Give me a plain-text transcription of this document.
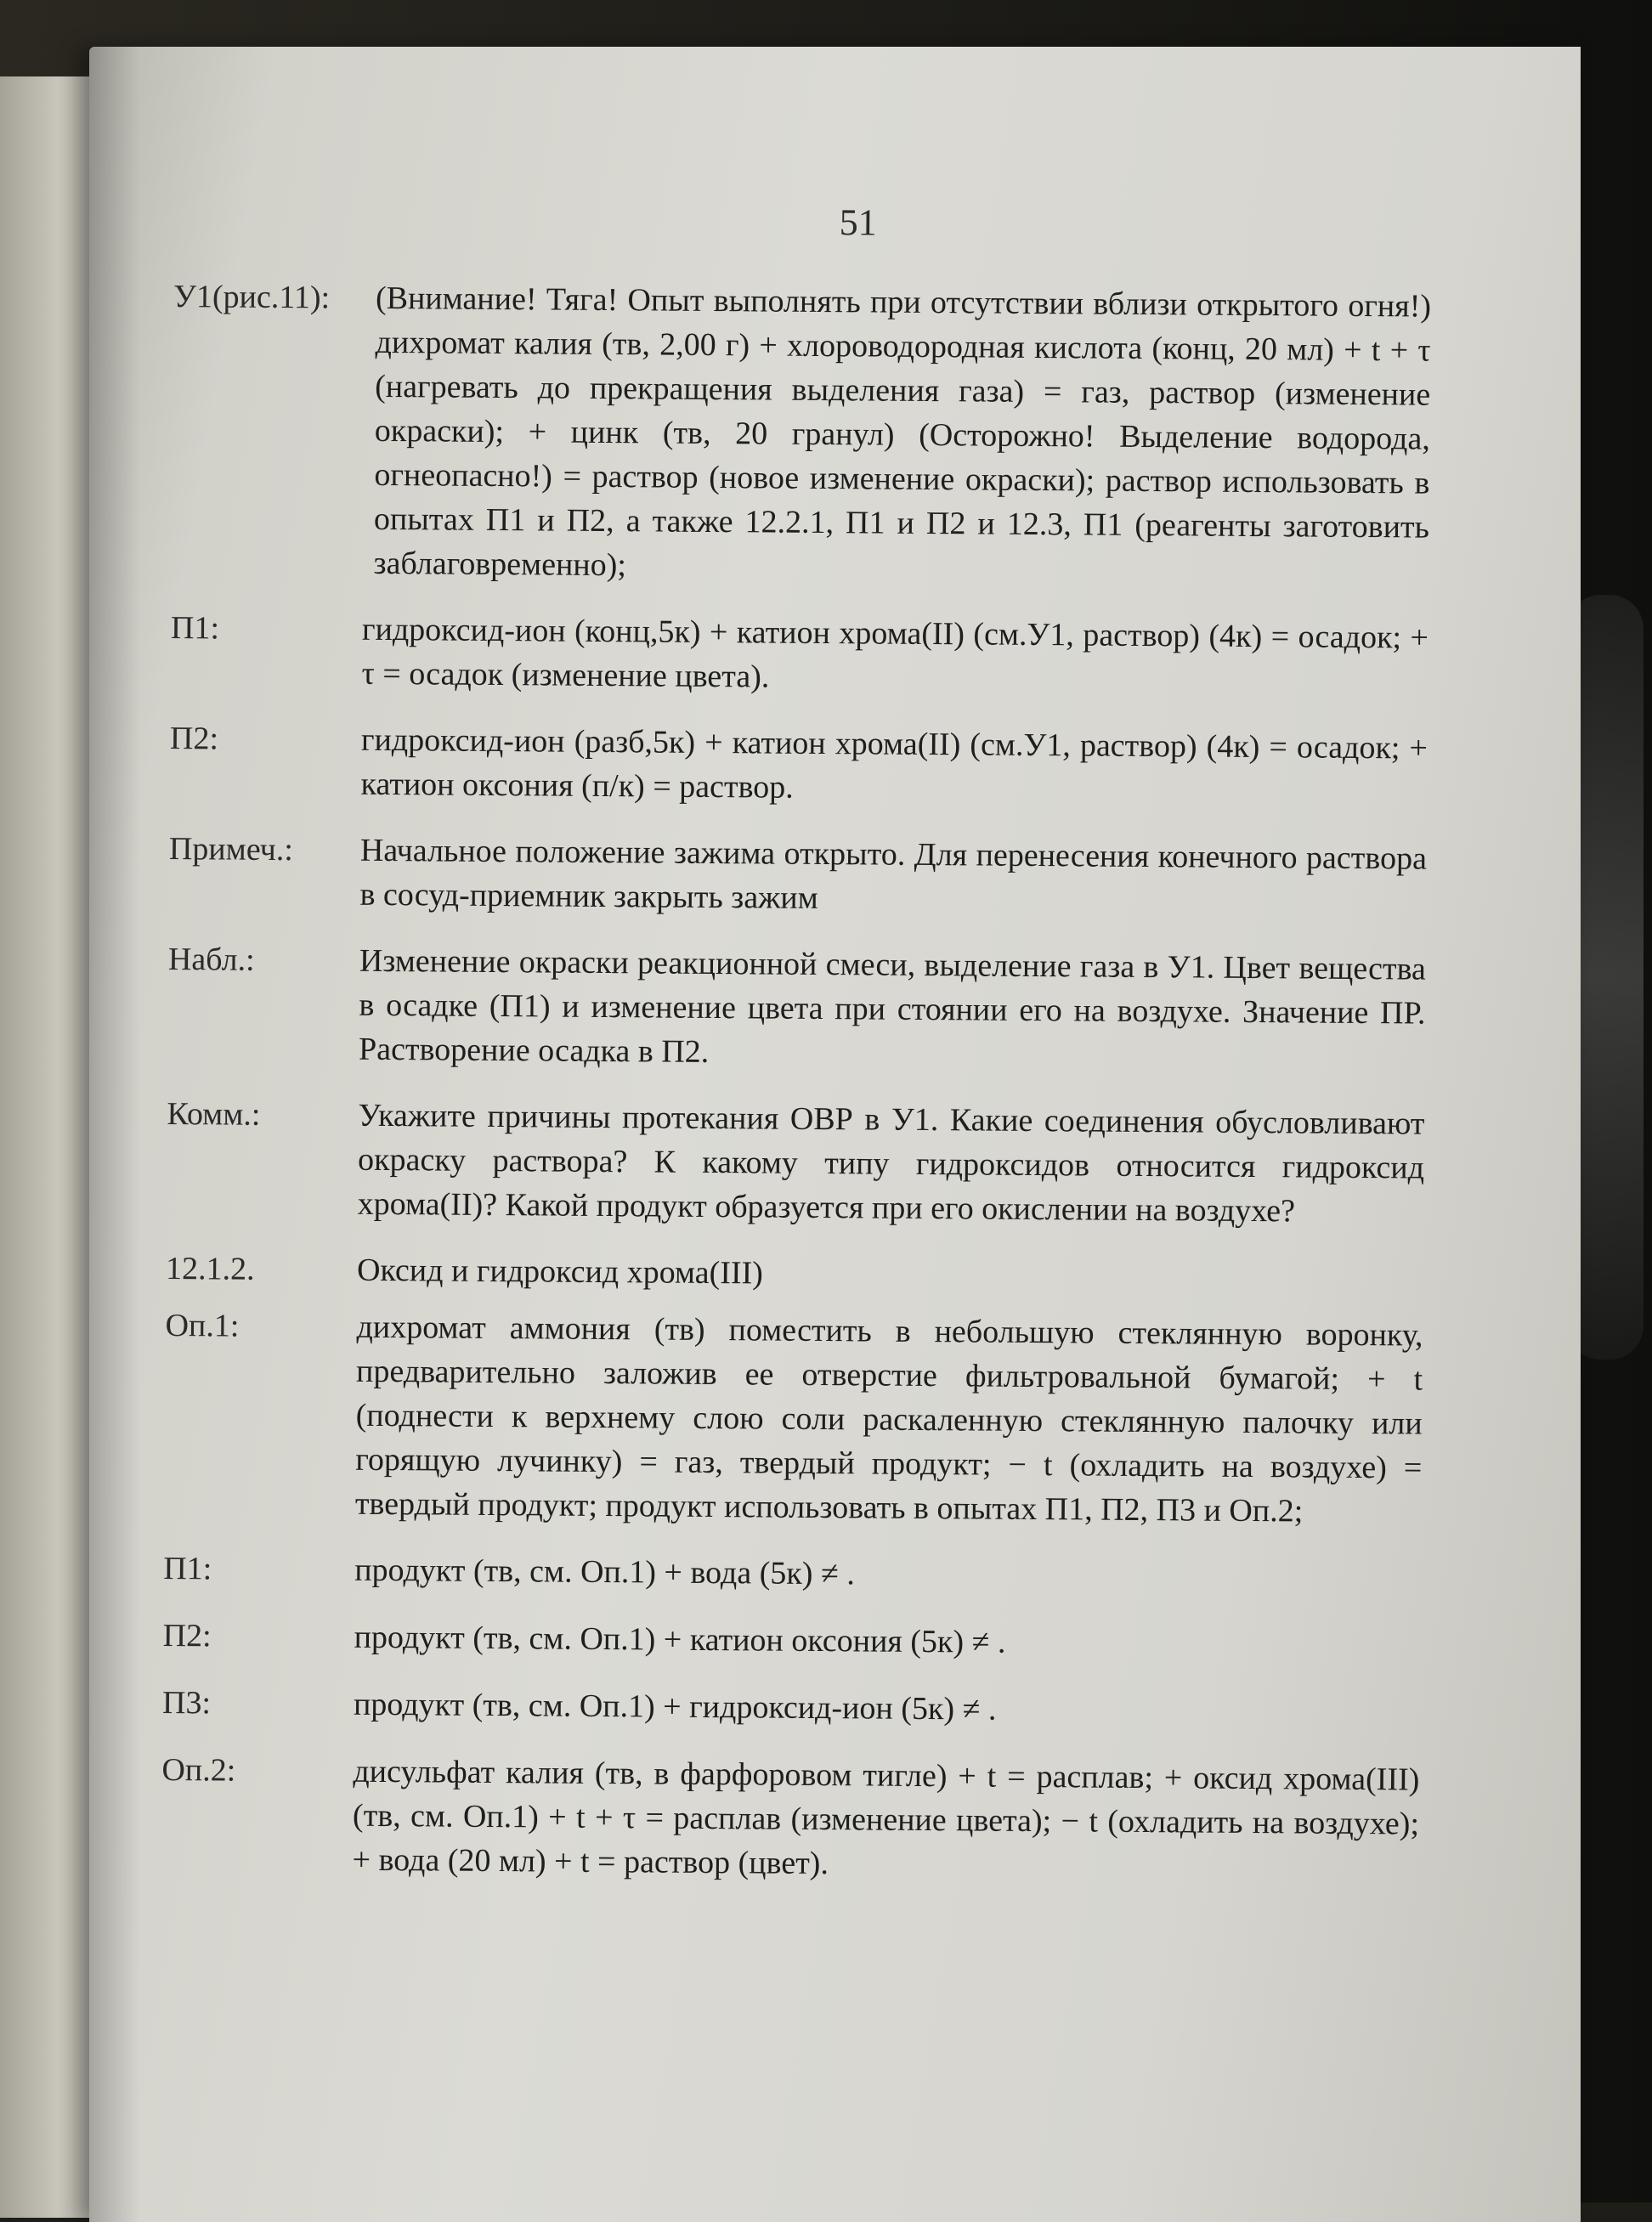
51
У1(рис.11):	(Внимание! Тяга! Опыт выполнять при отсутствии вблизи открытого огня!) дихромат калия (тв, 2,00 г) + хлороводородная кислота (конц, 20 мл) + t + τ (нагревать до прекращения выделения газа) = газ, раствор (изменение окраски); + цинк (тв, 20 гранул) (Осторожно! Выделение водорода, огнеопасно!) = раствор (новое изменение окраски); раствор использовать в опытах П1 и П2, а также 12.2.1, П1 и П2 и 12.3, П1 (реагенты заготовить заблаговременно);
П1:	гидроксид-ион (конц,5к) + катион хрома(II) (см.У1, раствор) (4к) = осадок; + τ = осадок (изменение цвета).
П2:	гидроксид-ион (разб,5к) + катион хрома(II) (см.У1, раствор) (4к) = осадок; + катион оксония (п/к) = раствор.
Примеч.:	Начальное положение зажима открыто. Для перенесения конечного раствора в сосуд-приемник закрыть зажим
Набл.:	Изменение окраски реакционной смеси, выделение газа в У1. Цвет вещества в осадке (П1) и изменение цвета при стоянии его на воздухе. Значение ПР. Растворение осадка в П2.
Комм.:	Укажите причины протекания ОВР в У1. Какие соединения обусловливают окраску раствора? К какому типу гидроксидов относится гидроксид хрома(II)? Какой продукт образуется при его окислении на воздухе?
12.1.2.	Оксид и гидроксид хрома(III)
Оп.1:	дихромат аммония (тв) поместить в небольшую стеклянную воронку, предварительно заложив ее отверстие фильтровальной бумагой; + t (поднести к верхнему слою соли раскаленную стеклянную палочку или горящую лучинку) = газ, твердый продукт; − t (охладить на воздухе) = твердый продукт; продукт использовать в опытах П1, П2, П3 и Оп.2;
П1:	продукт (тв, см. Оп.1) + вода (5к) ≠ .
П2:	продукт (тв, см. Оп.1) + катион оксония (5к) ≠ .
П3:	продукт (тв, см. Оп.1) + гидроксид-ион (5к) ≠ .
Оп.2:	дисульфат калия (тв, в фарфоровом тигле) + t = расплав; + оксид хрома(III) (тв, см. Оп.1) + t + τ = расплав (изменение цвета); − t (охладить на воздухе); + вода (20 мл) + t = раствор (цвет).
